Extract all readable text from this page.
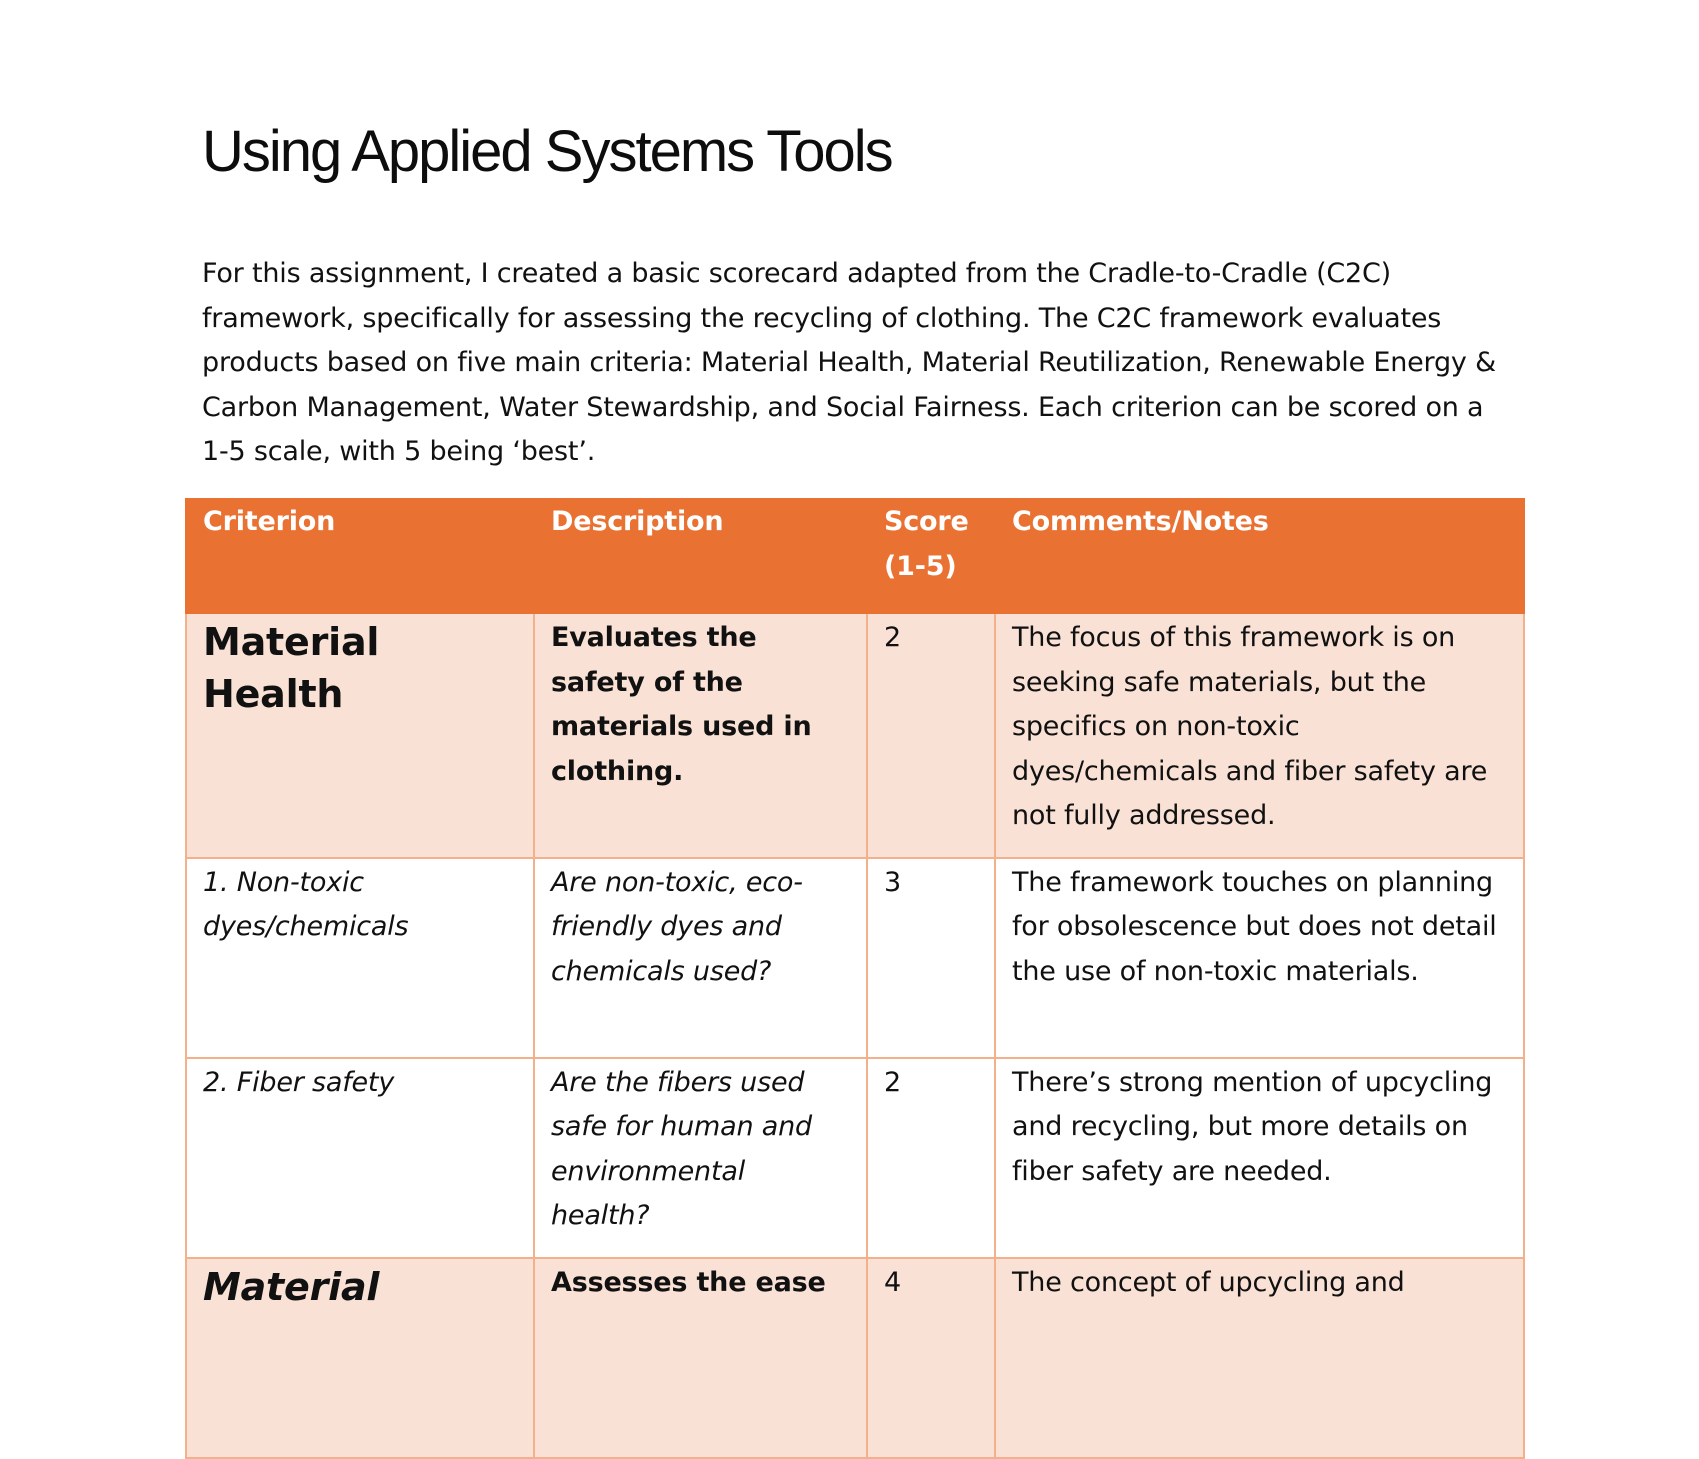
Using Applied Systems Tools

For this assignment, I created a basic scorecard adapted from the Cradle-to-Cradle (C2C) framework, specifically for assessing the recycling of clothing. The C2C framework evaluates products based on five main criteria: Material Health, Material Reutilization, Renewable Energy & Carbon Management, Water Stewardship, and Social Fairness. Each criterion can be scored on a 1-5 scale, with 5 being ‘best’.

Criterion	Description	Score (1-5)	Comments/Notes
Material Health	Evaluates the safety of the materials used in clothing.	2	The focus of this framework is on seeking safe materials, but the specifics on non-toxic dyes/chemicals and fiber safety are not fully addressed.
1. Non-toxic dyes/chemicals	Are non-toxic, eco-friendly dyes and chemicals used?	3	The framework touches on planning for obsolescence but does not detail the use of non-toxic materials.
2. Fiber safety	Are the fibers used safe for human and environmental health?	2	There’s strong mention of upcycling and recycling, but more details on fiber safety are needed.
Material	Assesses the ease	4	The concept of upcycling and
